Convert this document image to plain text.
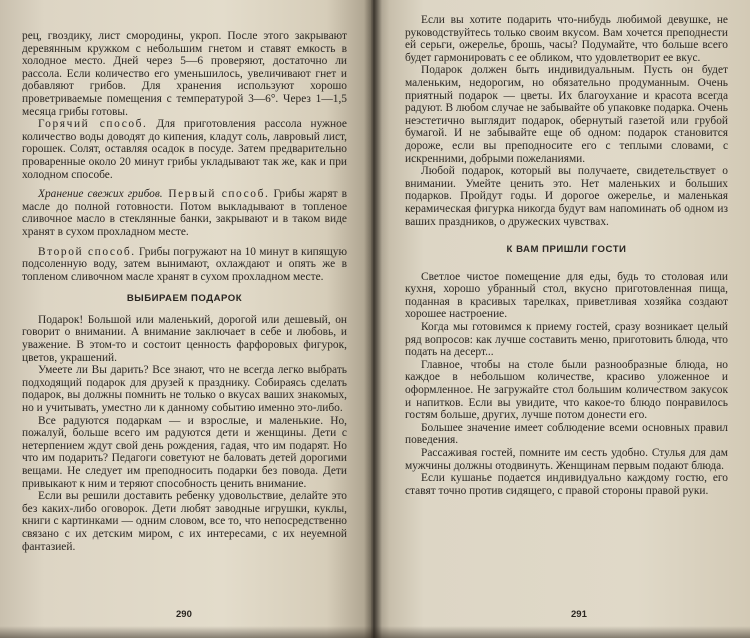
рец, гвоздику, лист смородины, укроп. После этого закрывают деревянным кружком с небольшим гнетом и ставят емкость в холодное место. Дней через 5—6 проверяют, достаточно ли рассола. Если количество его уменьшилось, увеличивают гнет и добавляют грибов. Для хранения используют хорошо проветриваемые помещения с температурой 3—6°. Через 1—1,5 месяца грибы готовы.

Горячий способ. Для приготовления рассола нужное количество воды доводят до кипения, кладут соль, лавровый лист, горошек. Солят, оставляя осадок в посуде. Затем предварительно проваренные около 20 минут грибы укладывают так же, как и при холодном способе.

Хранение свежих грибов. Первый способ. Грибы жарят в масле до полной готовности. Потом выкладывают в топленое сливочное масло в стеклянные банки, закрывают и в таком виде хранят в сухом прохладном месте.

Второй способ. Грибы погружают на 10 минут в кипящую подсоленную воду, затем вынимают, охлаждают и опять же в топленом сливочном масле хранят в сухом прохладном месте.

ВЫБИРАЕМ ПОДАРОК

Подарок! Большой или маленький, дорогой или дешевый, он говорит о внимании. А внимание заключает в себе и любовь, и уважение. В этом-то и состоит ценность фарфоровых фигурок, цветов, украшений.

Умеете ли Вы дарить? Все знают, что не всегда легко выбрать подходящий подарок для друзей к празднику. Собираясь сделать подарок, вы должны помнить не только о вкусах ваших знакомых, но и учитывать, уместно ли к данному событию именно это-либо.

Все радуются подаркам — и взрослые, и маленькие. Но, пожалуй, больше всего им радуются дети и женщины. Дети с нетерпением ждут свой день рождения, гадая, что им подарят. Но что им подарить? Педагоги советуют не баловать детей дорогими вещами. Не следует им преподносить подарки без повода. Дети привыкают к ним и теряют способность ценить внимание.

Если вы решили доставить ребенку удовольствие, делайте это без каких-либо оговорок. Дети любят заводные игрушки, куклы, книги с картинками — одним словом, все то, что непосредственно связано с их детским миром, с их интересами, с их неуемной фантазией.

290

Если вы хотите подарить что-нибудь любимой девушке, не руководствуйтесь только своим вкусом. Вам хочется преподнести ей серьги, ожерелье, брошь, часы? Подумайте, что больше всего будет гармонировать с ее обликом, что удовлетворит ее вкус.

Подарок должен быть индивидуальным. Пусть он будет маленьким, недорогим, но обязательно продуманным. Очень приятный подарок — цветы. Их благоухание и красота всегда радуют. В любом случае не забывайте об упаковке подарка. Очень неэстетично выглядит подарок, обернутый газетой или грубой бумагой. И не забывайте еще об одном: подарок становится дороже, если вы преподносите его с теплыми словами, с искренними, добрыми пожеланиями.

Любой подарок, который вы получаете, свидетельствует о внимании. Умейте ценить это. Нет маленьких и больших подарков. Пройдут годы. И дорогое ожерелье, и маленькая керамическая фигурка никогда будут вам напоминать об одном из ваших праздников, о дружеских чувствах.

К ВАМ ПРИШЛИ ГОСТИ

Светлое чистое помещение для еды, будь то столовая или кухня, хорошо убранный стол, вкусно приготовленная пища, поданная в красивых тарелках, приветливая хозяйка создают хорошее настроение.

Когда мы готовимся к приему гостей, сразу возникает целый ряд вопросов: как лучше составить меню, приготовить блюда, что подать на десерт...

Главное, чтобы на столе были разнообразные блюда, но каждое в небольшом количестве, красиво уложенное и оформленное. Не загружайте стол большим количеством закусок и напитков. Если вы увидите, что какое-то блюдо понравилось гостям больше, других, лучше потом донести его.

Большее значение имеет соблюдение всеми основных правил поведения.

Рассаживая гостей, помните им сесть удобно. Стулья для дам мужчины должны отодвинуть. Женщинам первым подают блюда.

Если кушанье подается индивидуально каждому гостю, его ставят точно против сидящего, с правой стороны правой руки.

291
